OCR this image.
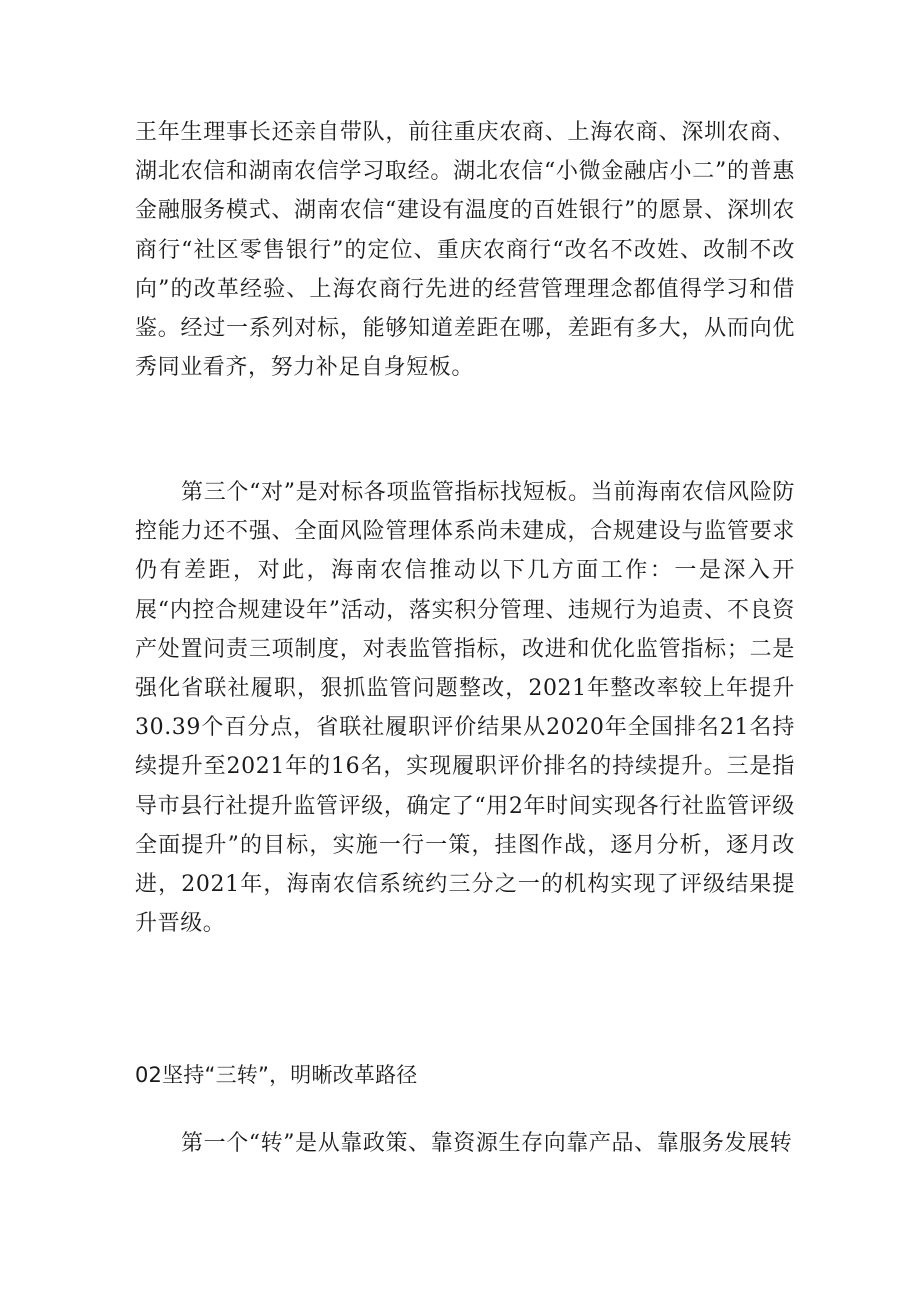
王年生理事长还亲自带队，前往重庆农商、上海农商、深圳农商、湖北农信和湖南农信学习取经。湖北农信“小微金融店小二”的普惠金融服务模式、湖南农信“建设有温度的百姓银行”的愿景、深圳农商行“社区零售银行”的定位、重庆农商行“改名不改姓、改制不改向”的改革经验、上海农商行先进的经营管理理念都值得学习和借鉴。经过一系列对标，能够知道差距在哪，差距有多大，从而向优秀同业看齐，努力补足自身短板。

第三个“对”是对标各项监管指标找短板。当前海南农信风险防控能力还不强、全面风险管理体系尚未建成，合规建设与监管要求仍有差距，对此，海南农信推动以下几方面工作：一是深入开展“内控合规建设年”活动，落实积分管理、违规行为追责、不良资产处置问责三项制度，对表监管指标，改进和优化监管指标；二是强化省联社履职，狠抓监管问题整改，2021年整改率较上年提升30.39个百分点，省联社履职评价结果从2020年全国排名21名持续提升至2021年的16名，实现履职评价排名的持续提升。三是指导市县行社提升监管评级，确定了“用2年时间实现各行社监管评级全面提升”的目标，实施一行一策，挂图作战，逐月分析，逐月改进，2021年，海南农信系统约三分之一的机构实现了评级结果提升晋级。

02坚持“三转”，明晰改革路径

第一个“转”是从靠政策、靠资源生存向靠产品、靠服务发展转
